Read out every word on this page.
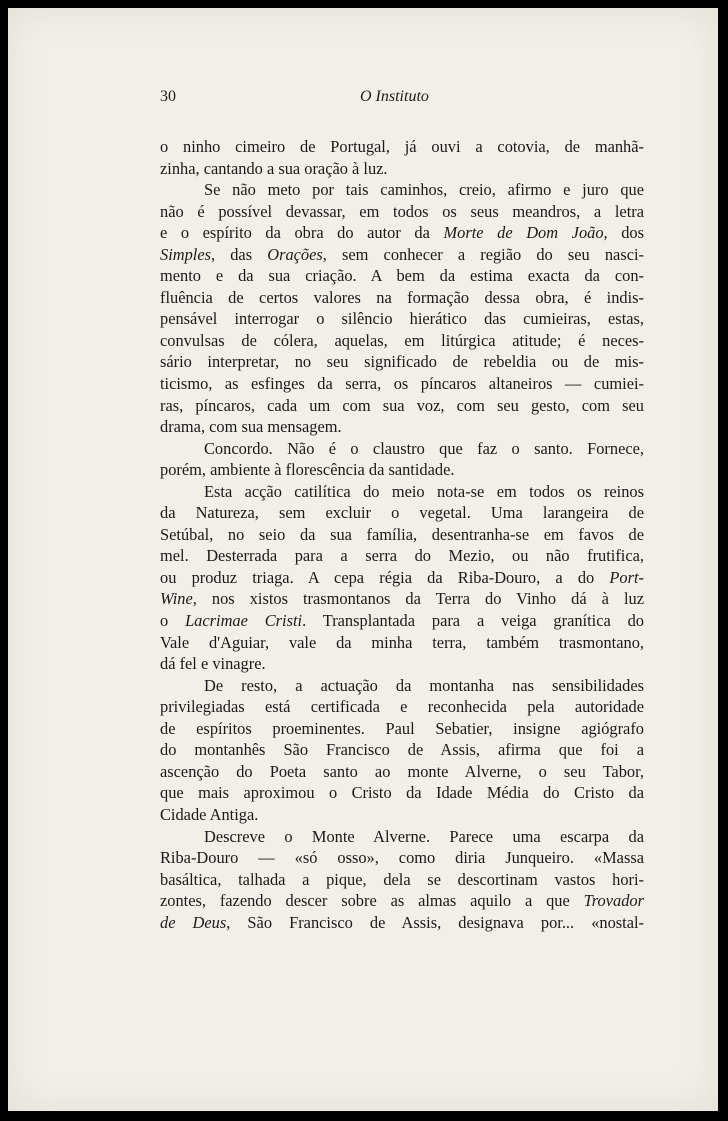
30	O Instituto
o ninho cimeiro de Portugal, já ouvi a cotovia, de manhã-
zinha, cantando a sua oração à luz.
Se não meto por tais caminhos, creio, afirmo e juro que
não é possível devassar, em todos os seus meandros, a letra
e o espírito da obra do autor da Morte de Dom João, dos
Simples, das Orações, sem conhecer a região do seu nasci-
mento e da sua criação. A bem da estima exacta da con-
fluência de certos valores na formação dessa obra, é indis-
pensável interrogar o silêncio hierático das cumieiras, estas,
convulsas de cólera, aquelas, em litúrgica atitude; é neces-
sário interpretar, no seu significado de rebeldia ou de mis-
ticismo, as esfinges da serra, os píncaros altaneiros — cumiei-
ras, píncaros, cada um com sua voz, com seu gesto, com seu
drama, com sua mensagem.
Concordo. Não é o claustro que faz o santo. Fornece,
porém, ambiente à florescência da santidade.
Esta acção catilítica do meio nota-se em todos os reinos
da Natureza, sem excluir o vegetal. Uma larangeira de
Setúbal, no seio da sua família, desentranha-se em favos de
mel. Desterrada para a serra do Mezio, ou não frutifica,
ou produz triaga. A cepa régia da Riba-Douro, a do Port-
Wine, nos xistos trasmontanos da Terra do Vinho dá à luz
o Lacrimae Cristi. Transplantada para a veiga granítica do
Vale d'Aguiar, vale da minha terra, também trasmontano,
dá fel e vinagre.
De resto, a actuação da montanha nas sensibilidades
privilegiadas está certificada e reconhecida pela autoridade
de espíritos proeminentes. Paul Sebatier, insigne agiógrafo
do montanhês São Francisco de Assis, afirma que foi a
ascenção do Poeta santo ao monte Alverne, o seu Tabor,
que mais aproximou o Cristo da Idade Média do Cristo da
Cidade Antiga.
Descreve o Monte Alverne. Parece uma escarpa da
Riba-Douro — «só osso», como diria Junqueiro. «Massa
basáltica, talhada a pique, dela se descortinam vastos hori-
zontes, fazendo descer sobre as almas aquilo a que Trovador
de Deus, São Francisco de Assis, designava por... «nostal-
